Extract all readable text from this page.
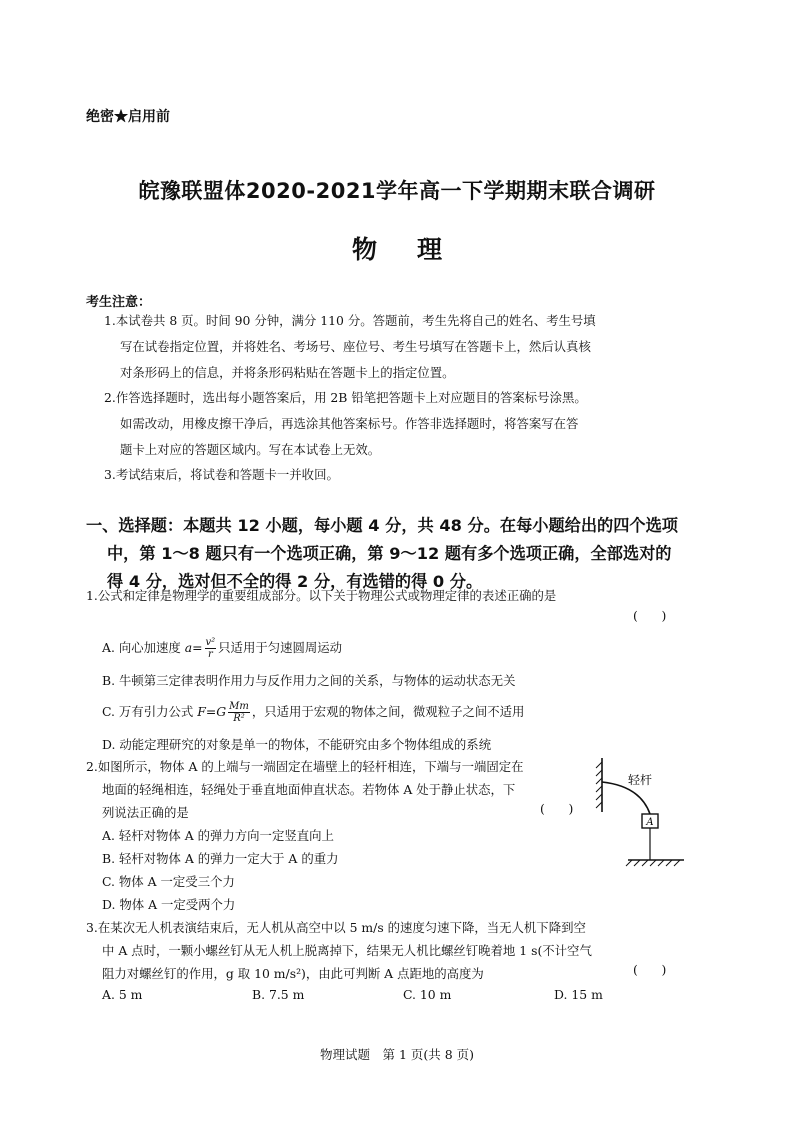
绝密★启用前
皖豫联盟体2020-2021学年高一下学期期末联合调研
物理
考生注意：
1.本试卷共 8 页。时间 90 分钟，满分 110 分。答题前，考生先将自己的姓名、考生号填
写在试卷指定位置，并将姓名、考场号、座位号、考生号填写在答题卡上，然后认真核
对条形码上的信息，并将条形码粘贴在答题卡上的指定位置。
2.作答选择题时，选出每小题答案后，用 2B 铅笔把答题卡上对应题目的答案标号涂黑。
如需改动，用橡皮擦干净后，再选涂其他答案标号。作答非选择题时，将答案写在答
题卡上对应的答题区域内。写在本试卷上无效。
3.考试结束后，将试卷和答题卡一并收回。
一、选择题：本题共 12 小题，每小题 4 分，共 48 分。在每小题给出的四个选项
中，第 1～8 题只有一个选项正确，第 9～12 题有多个选项正确，全部选对的
得 4 分，选对但不全的得 2 分，有选错的得 0 分。
1.公式和定律是物理学的重要组成部分。以下关于物理公式或物理定律的表述正确的是
(      )
A. 向心加速度 $a= \frac{\text{v²}}{r}$ 只适用于匀速圆周运动
B. 牛顿第三定律表明作用力与反作用力之间的关系，与物体的运动状态无关
C. 万有引力公式 $F=G \frac{Mm}{\text{R²}}$ ，只适用于宏观的物体之间，微观粒子之间不适用
D. 动能定理研究的对象是单一的物体，不能研究由多个物体组成的系统
2.如图所示，物体 A 的上端与一端固定在墙壁上的轻杆相连，下端与一端固定在
地面的轻绳相连，轻绳处于垂直地面伸直状态。若物体 A 处于静止状态，下
列说法正确的是	(      )
A. 轻杆对物体 A 的弹力方向一定竖直向上
B. 轻杆对物体 A 的弹力一定大于 A 的重力
C. 物体 A 一定受三个力
D. 物体 A 一定受两个力
轻杆
A
3.在某次无人机表演结束后，无人机从高空中以 5 m/s 的速度匀速下降，当无人机下降到空
中 A 点时，一颗小螺丝钉从无人机上脱离掉下，结果无人机比螺丝钉晚着地 1 s(不计空气
阻力对螺丝钉的作用，g 取 10 m/s²)，由此可判断 A 点距地的高度为	(      )
A. 5 m	B. 7.5 m	C. 10 m	D. 15 m
物理试题　第 1 页(共 8 页)
